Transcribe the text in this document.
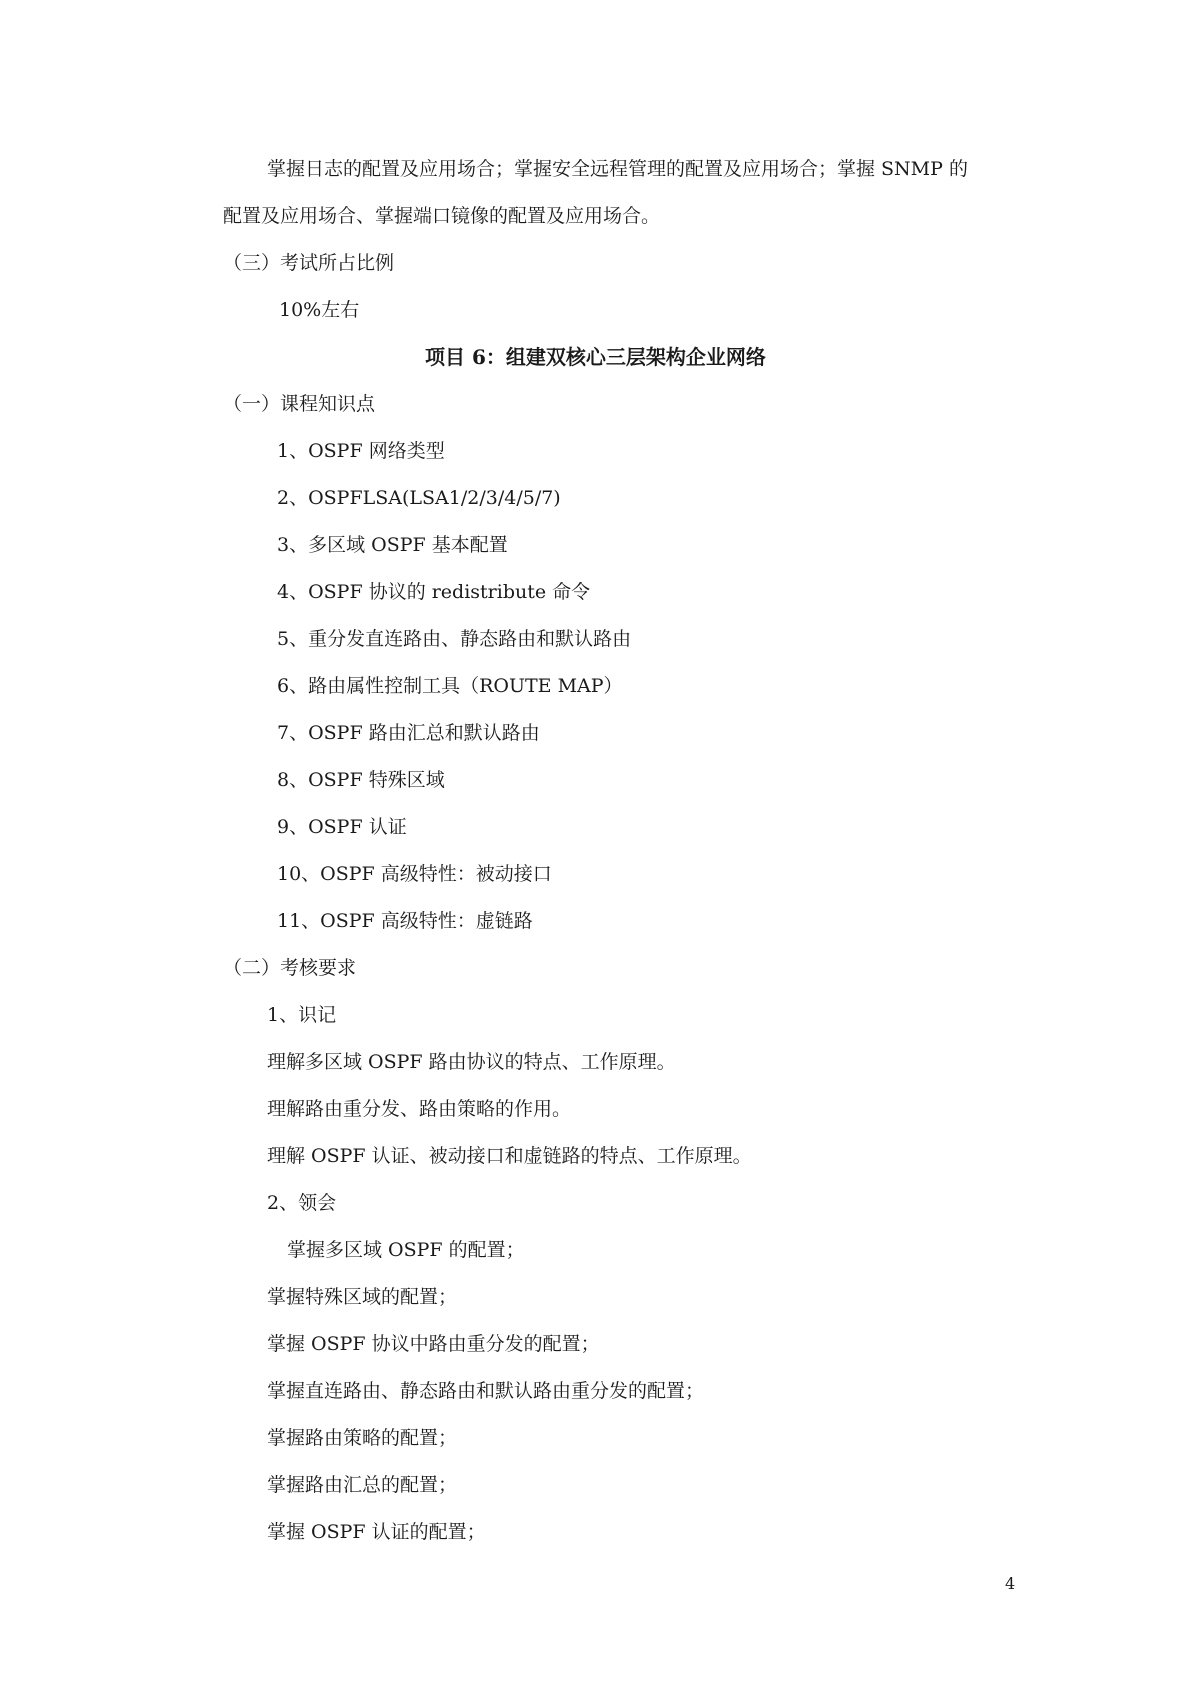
掌握日志的配置及应用场合；掌握安全远程管理的配置及应用场合；掌握 SNMP 的
配置及应用场合、掌握端口镜像的配置及应用场合。
（三）考试所占比例
10%左右
项目 6：组建双核心三层架构企业网络
（一）课程知识点
1、OSPF 网络类型
2、OSPFLSA(LSA1/2/3/4/5/7)
3、多区域 OSPF 基本配置
4、OSPF 协议的 redistribute 命令
5、重分发直连路由、静态路由和默认路由
6、路由属性控制工具（ROUTE MAP）
7、OSPF 路由汇总和默认路由
8、OSPF 特殊区域
9、OSPF 认证
10、OSPF 高级特性：被动接口
11、OSPF 高级特性：虚链路
（二）考核要求
1、识记
理解多区域 OSPF 路由协议的特点、工作原理。
理解路由重分发、路由策略的作用。
理解 OSPF 认证、被动接口和虚链路的特点、工作原理。
2、领会
掌握多区域 OSPF 的配置；
掌握特殊区域的配置；
掌握 OSPF 协议中路由重分发的配置；
掌握直连路由、静态路由和默认路由重分发的配置；
掌握路由策略的配置；
掌握路由汇总的配置；
掌握 OSPF 认证的配置；
4
